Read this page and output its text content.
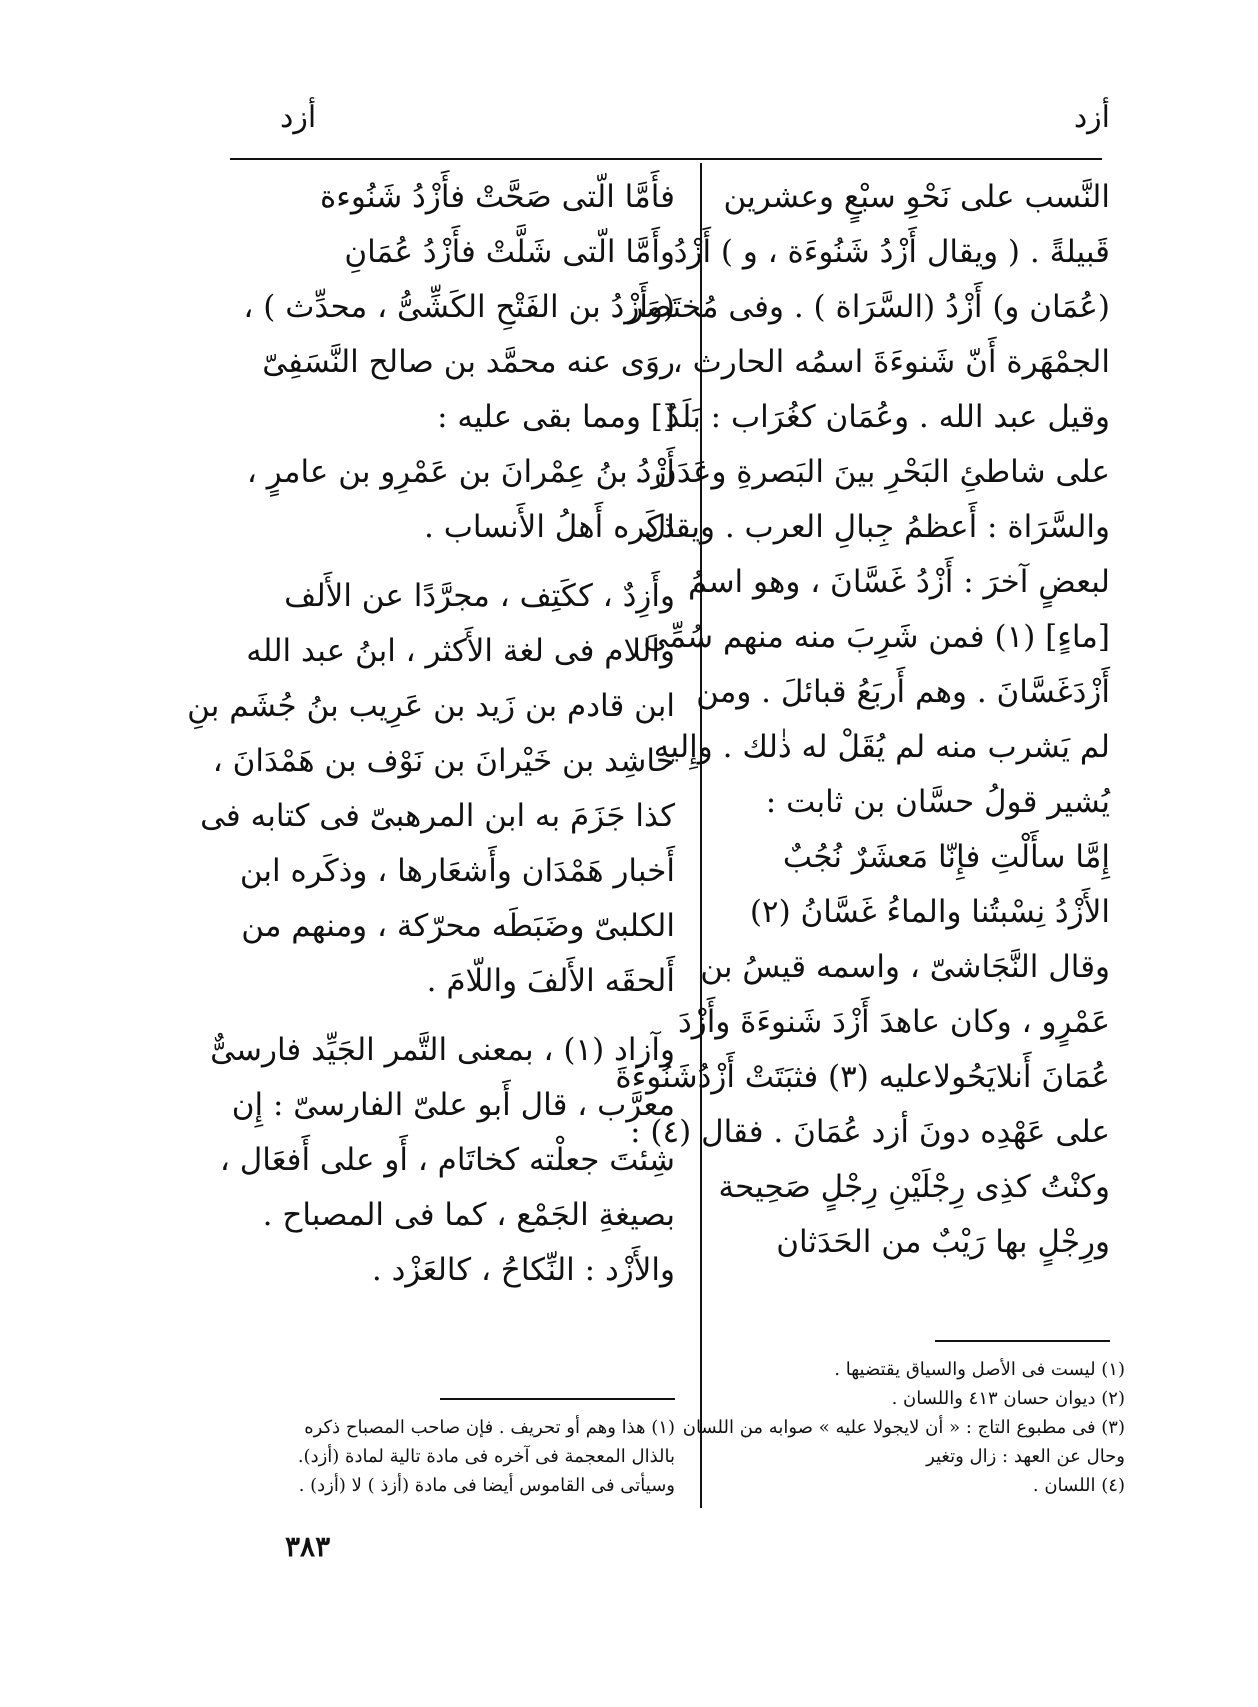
أزد
أزد
النَّسب على نَحْوِ سبْعٍ وعشرين
قَبيلةً . ( ويقال أَزْدُ شَنُوءَة ، و ) أَزْدُ
(عُمَان و) أَزْدُ (السَّرَاة ) . وفى مُختَصَر
الجمْهَرة أَنّ شَنوءَةَ اسمُه الحارث ،
وقيل عبد الله . وعُمَان كغُرَاب : بَلَدٌ
على شاطئِ البَحْرِ بينَ البَصرةِ وعَدَن .
والسَّرَاة : أَعظمُ جِبالِ العرب . ويقال
لبعضٍ آخرَ : أَزْدُ غَسَّانَ ، وهو اسمُ
[ماءٍ] (١) فمن شَرِبَ منه منهم سُمِّىَ
أَزْدَغَسَّانَ . وهم أَربَعُ قبائلَ . ومن
لم يَشرب منه لم يُقَلْ له ذٰلك . وإِليه
يُشير قولُ حسَّان بن ثابت :
إِمَّا سأَلْتِ فإِنّا مَعشَرٌ نُجُبٌ
الأَزْدُ نِسْبتُنا والماءُ غَسَّانُ (٢)
وقال النَّجَاشىّ ، واسمه قيسُ بن
عَمْرٍو ، وكان عاهدَ أَزْدَ شَنوءَةَ وأَزْدَ
عُمَانَ أَنلايَحُولاعليه (٣) فثبَتَتْ أَزْدُشَنُوءَةَ
على عَهْدِه دونَ أزد عُمَانَ . فقال (٤) :
وكنْتُ كذِى رِجْلَيْنِ رِجْلٍ صَحِيحة
ورِجْلٍ بها رَيْبٌ من الحَدَثان
فأَمَّا الّتى صَحَّتْ فأَزْدُ شَنُوءة
وأَمَّا الّتى شَلَّتْ فأَزْدُ عُمَانِ
(وأَزْدُ بن الفَتْحِ الكَشِّىُّ ، محدِّث ) ،
روَى عنه محمَّد بن صالح النَّسَفِىّ
[] ومما بقى عليه :
أَزْدُ بنُ عِمْرانَ بن عَمْرِو بن عامرٍ ،
ذكَره أَهلُ الأَنساب .
وأَزِدٌ ، ككَتِف ، مجرَّدًا عن الأَلف
واللام فى لغة الأَكثر ، ابنُ عبد الله
ابن قادم بن زَيد بن عَرِيب بنُ جُشَم بنِ
حاشِد بن خَيْرانَ بن نَوْف بن هَمْدَانَ ،
كذا جَزَمَ به ابن المرهبىّ فى كتابه فى
أَخبار هَمْدَان وأَشعَارها ، وذكَره ابن
الكلبىّ وضَبَطَه محرّكة ، ومنهم من
أَلحقَه الأَلفَ واللّامَ .
وآزاد (١) ، بمعنى التَّمر الجَيِّد فارسىٌّ
معرَّب ، قال أَبو علىّ الفارسىّ : إِن
شِئتَ جعلْته كخاتَام ، أَو على أَفعَال ،
بصيغةِ الجَمْع ، كما فى المصباح .
والأَزْد : النِّكاحُ ، كالعَزْد .
(١) ليست فى الأصل والسياق يقتضيها .
(٢) ديوان حسان ٤١٣ واللسان .
(٣) فى مطبوع التاج : « أن لايجولا عليه » صوابه من اللسان
وحال عن العهد : زال وتغير
(٤) اللسان .
(١) هذا وهم أو تحريف . فإن صاحب المصباح ذكره
بالذال المعجمة فى آخره فى مادة تالية لمادة (أزد).
وسيأتى فى القاموس أيضا فى مادة (أزذ ) لا (أزد) .
٣٨٣
